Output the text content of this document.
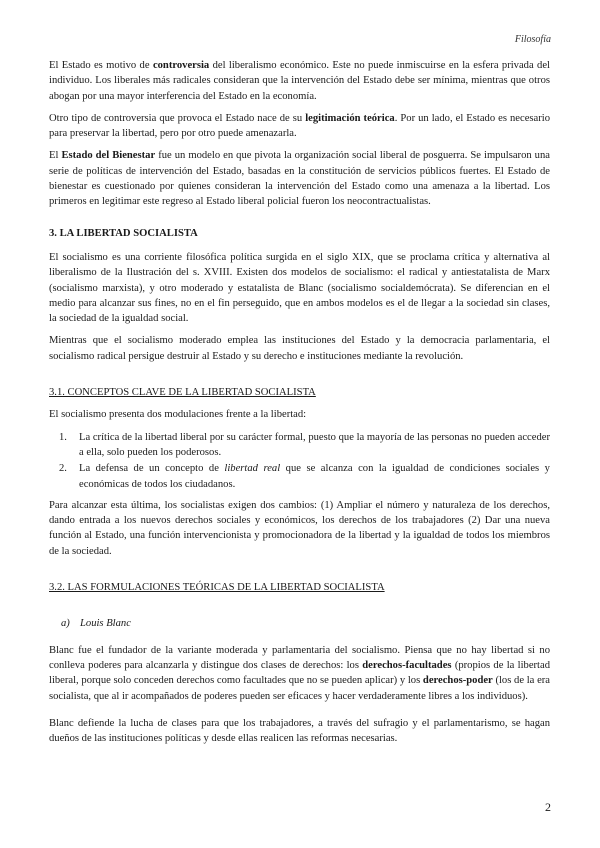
Filosofía

El Estado es motivo de controversia del liberalismo económico. Este no puede inmiscuirse en la esfera privada del individuo. Los liberales más radicales consideran que la intervención del Estado debe ser mínima, mientras que otros abogan por una mayor interferencia del Estado en la economía.

Otro tipo de controversia que provoca el Estado nace de su legitimación teórica. Por un lado, el Estado es necesario para preservar la libertad, pero por otro puede amenazarla.

El Estado del Bienestar fue un modelo en que pivota la organización social liberal de posguerra. Se impulsaron una serie de políticas de intervención del Estado, basadas en la constitución de servicios públicos fuertes. El Estado de bienestar es cuestionado por quienes consideran la intervención del Estado como una amenaza a la libertad. Los primeros en legitimar este regreso al Estado liberal policial fueron los neocontractualistas.

3. LA LIBERTAD SOCIALISTA

El socialismo es una corriente filosófica política surgida en el siglo XIX, que se proclama crítica y alternativa al liberalismo de la Ilustración del s. XVIII. Existen dos modelos de socialismo: el radical y antiestatalista de Marx (socialismo marxista), y otro moderado y estatalista de Blanc (socialismo socialdemócrata). Se diferencian en el medio para alcanzar sus fines, no en el fin perseguido, que en ambos modelos es el de llegar a la sociedad sin clases, la sociedad de la igualdad social.

Mientras que el socialismo moderado emplea las instituciones del Estado y la democracia parlamentaria, el socialismo radical persigue destruir al Estado y su derecho e instituciones mediante la revolución.

3.1. CONCEPTOS CLAVE DE LA LIBERTAD SOCIALISTA

El socialismo presenta dos modulaciones frente a la libertad:

1. La crítica de la libertad liberal por su carácter formal, puesto que la mayoría de las personas no pueden acceder a ella, solo pueden los poderosos.
2. La defensa de un concepto de libertad real que se alcanza con la igualdad de condiciones sociales y económicas de todos los ciudadanos.

Para alcanzar esta última, los socialistas exigen dos cambios: (1) Ampliar el número y naturaleza de los derechos, dando entrada a los nuevos derechos sociales y económicos, los derechos de los trabajadores (2) Dar una nueva función al Estado, una función intervencionista y promocionadora de la libertad y la igualdad de todos los miembros de la sociedad.

3.2. LAS FORMULACIONES TEÓRICAS DE LA LIBERTAD SOCIALISTA
a) Louis Blanc

Blanc fue el fundador de la variante moderada y parlamentaria del socialismo. Piensa que no hay libertad si no conlleva poderes para alcanzarla y distingue dos clases de derechos: los derechos-facultades (propios de la libertad liberal, porque solo conceden derechos como facultades que no se pueden aplicar) y los derechos-poder (los de la era socialista, que al ir acompañados de poderes pueden ser eficaces y hacer verdaderamente libres a los individuos).

Blanc defiende la lucha de clases para que los trabajadores, a través del sufragio y el parlamentarismo, se hagan dueños de las instituciones políticas y desde ellas realicen las reformas necesarias.

2
